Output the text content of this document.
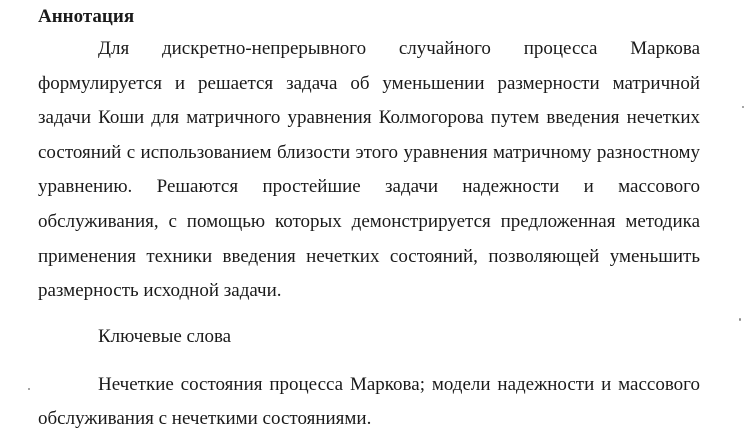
Аннотация

Для дискретно-непрерывного случайного процесса Маркова формулируется и решается задача об уменьшении размерности матричной задачи Коши для матричного уравнения Колмогорова путем введения нечетких состояний с использованием близости этого уравнения матричному разностному уравнению. Решаются простейшие задачи надежности и массового обслуживания, с помощью которых демонстрируется предложенная методика применения техники введения нечетких состояний, позволяющей уменьшить размерность исходной задачи.

Ключевые слова

Нечеткие состояния процесса Маркова; модели надежности и массового обслуживания с нечеткими состояниями.
